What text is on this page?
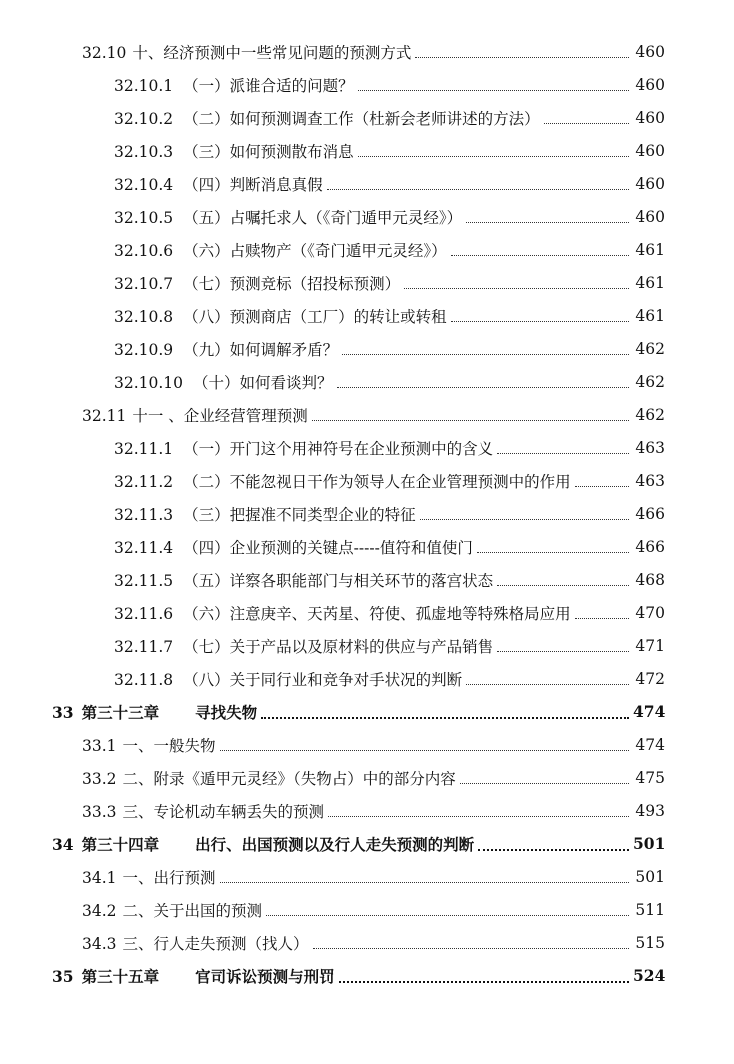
32.10 十、经济预测中一些常见问题的预测方式	460
32.10.1 （一）派谁合适的问题？	460
32.10.2 （二）如何预测调查工作（杜新会老师讲述的方法）	460
32.10.3 （三）如何预测散布消息	460
32.10.4 （四）判断消息真假	460
32.10.5 （五）占嘱托求人（《奇门遁甲元灵经》）	460
32.10.6 （六）占赎物产（《奇门遁甲元灵经》）	461
32.10.7 （七）预测竞标（招投标预测）	461
32.10.8 （八）预测商店（工厂）的转让或转租	461
32.10.9 （九）如何调解矛盾？	462
32.10.10 （十）如何看谈判？	462
32.11 十一 、企业经营管理预测	462
32.11.1 （一）开门这个用神符号在企业预测中的含义	463
32.11.2 （二）不能忽视日干作为领导人在企业管理预测中的作用	463
32.11.3 （三）把握准不同类型企业的特征	466
32.11.4 （四）企业预测的关键点-----值符和值使门	466
32.11.5 （五）详察各职能部门与相关环节的落宫状态	468
32.11.6 （六）注意庚辛、天芮星、符使、孤虚地等特殊格局应用	470
32.11.7 （七）关于产品以及原材料的供应与产品销售	471
32.11.8 （八）关于同行业和竞争对手状况的判断	472
33 第三十三章 寻找失物	474
33.1 一、一般失物	474
33.2 二、附录《遁甲元灵经》（失物占）中的部分内容	475
33.3 三、专论机动车辆丢失的预测	493
34 第三十四章 出行、出国预测以及行人走失预测的判断	501
34.1 一、出行预测	501
34.2 二、关于出国的预测	511
34.3 三、行人走失预测（找人）	515
35 第三十五章 官司诉讼预测与刑罚	524
